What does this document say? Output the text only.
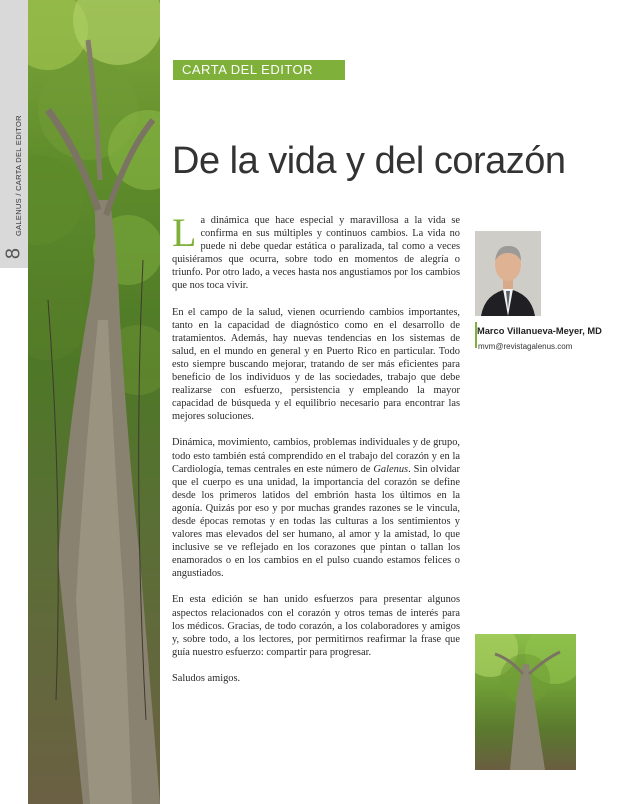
GALENUS / CARTA DEL EDITOR
8
CARTA DEL EDITOR
De la vida y del corazón

La dinámica que hace especial y maravillosa a la vida se confirma en sus múltiples y continuos cambios. La vida no puede ni debe quedar estática o paralizada, tal como a veces quisiéramos que ocurra, sobre todo en momentos de alegría o triunfo. Por otro lado, a veces hasta nos angustiamos por los cambios que nos toca vivir.

En el campo de la salud, vienen ocurriendo cambios importantes, tanto en la capacidad de diagnóstico como en el desarrollo de tratamientos. Además, hay nuevas tendencias en los sistemas de salud, en el mundo en general y en Puerto Rico en particular. Todo esto siempre buscando mejorar, tratando de ser más eficientes para beneficio de los individuos y de las sociedades, trabajo que debe realizarse con esfuerzo, persistencia y empleando la mayor capacidad de búsqueda y el equilibrio necesario para encontrar las mejores soluciones.

Dinámica, movimiento, cambios, problemas individuales y de grupo, todo esto también está comprendido en el trabajo del corazón y en la Cardiología, temas centrales en este número de Galenus. Sin olvidar que el cuerpo es una unidad, la importancia del corazón se define desde los primeros latidos del embrión hasta los últimos en la agonía. Quizás por eso y por muchas grandes razones se le vincula, desde épocas remotas y en todas las culturas a los sentimientos y valores mas elevados del ser humano, al amor y la amistad, lo que inclusive se ve reflejado en los corazones que pintan o tallan los enamorados o en los cambios en el pulso cuando estamos felices o angustiados.

En esta edición se han unido esfuerzos para presentar algunos aspectos relacionados con el corazón y otros temas de interés para los médicos. Gracias, de todo corazón, a los colaboradores y amigos y, sobre todo, a los lectores, por permitirnos reafirmar la frase que guía nuestro esfuerzo: compartir para progresar.

Saludos amigos.

Marco Villanueva-Meyer, MD
mvm@revistagalenus.com
